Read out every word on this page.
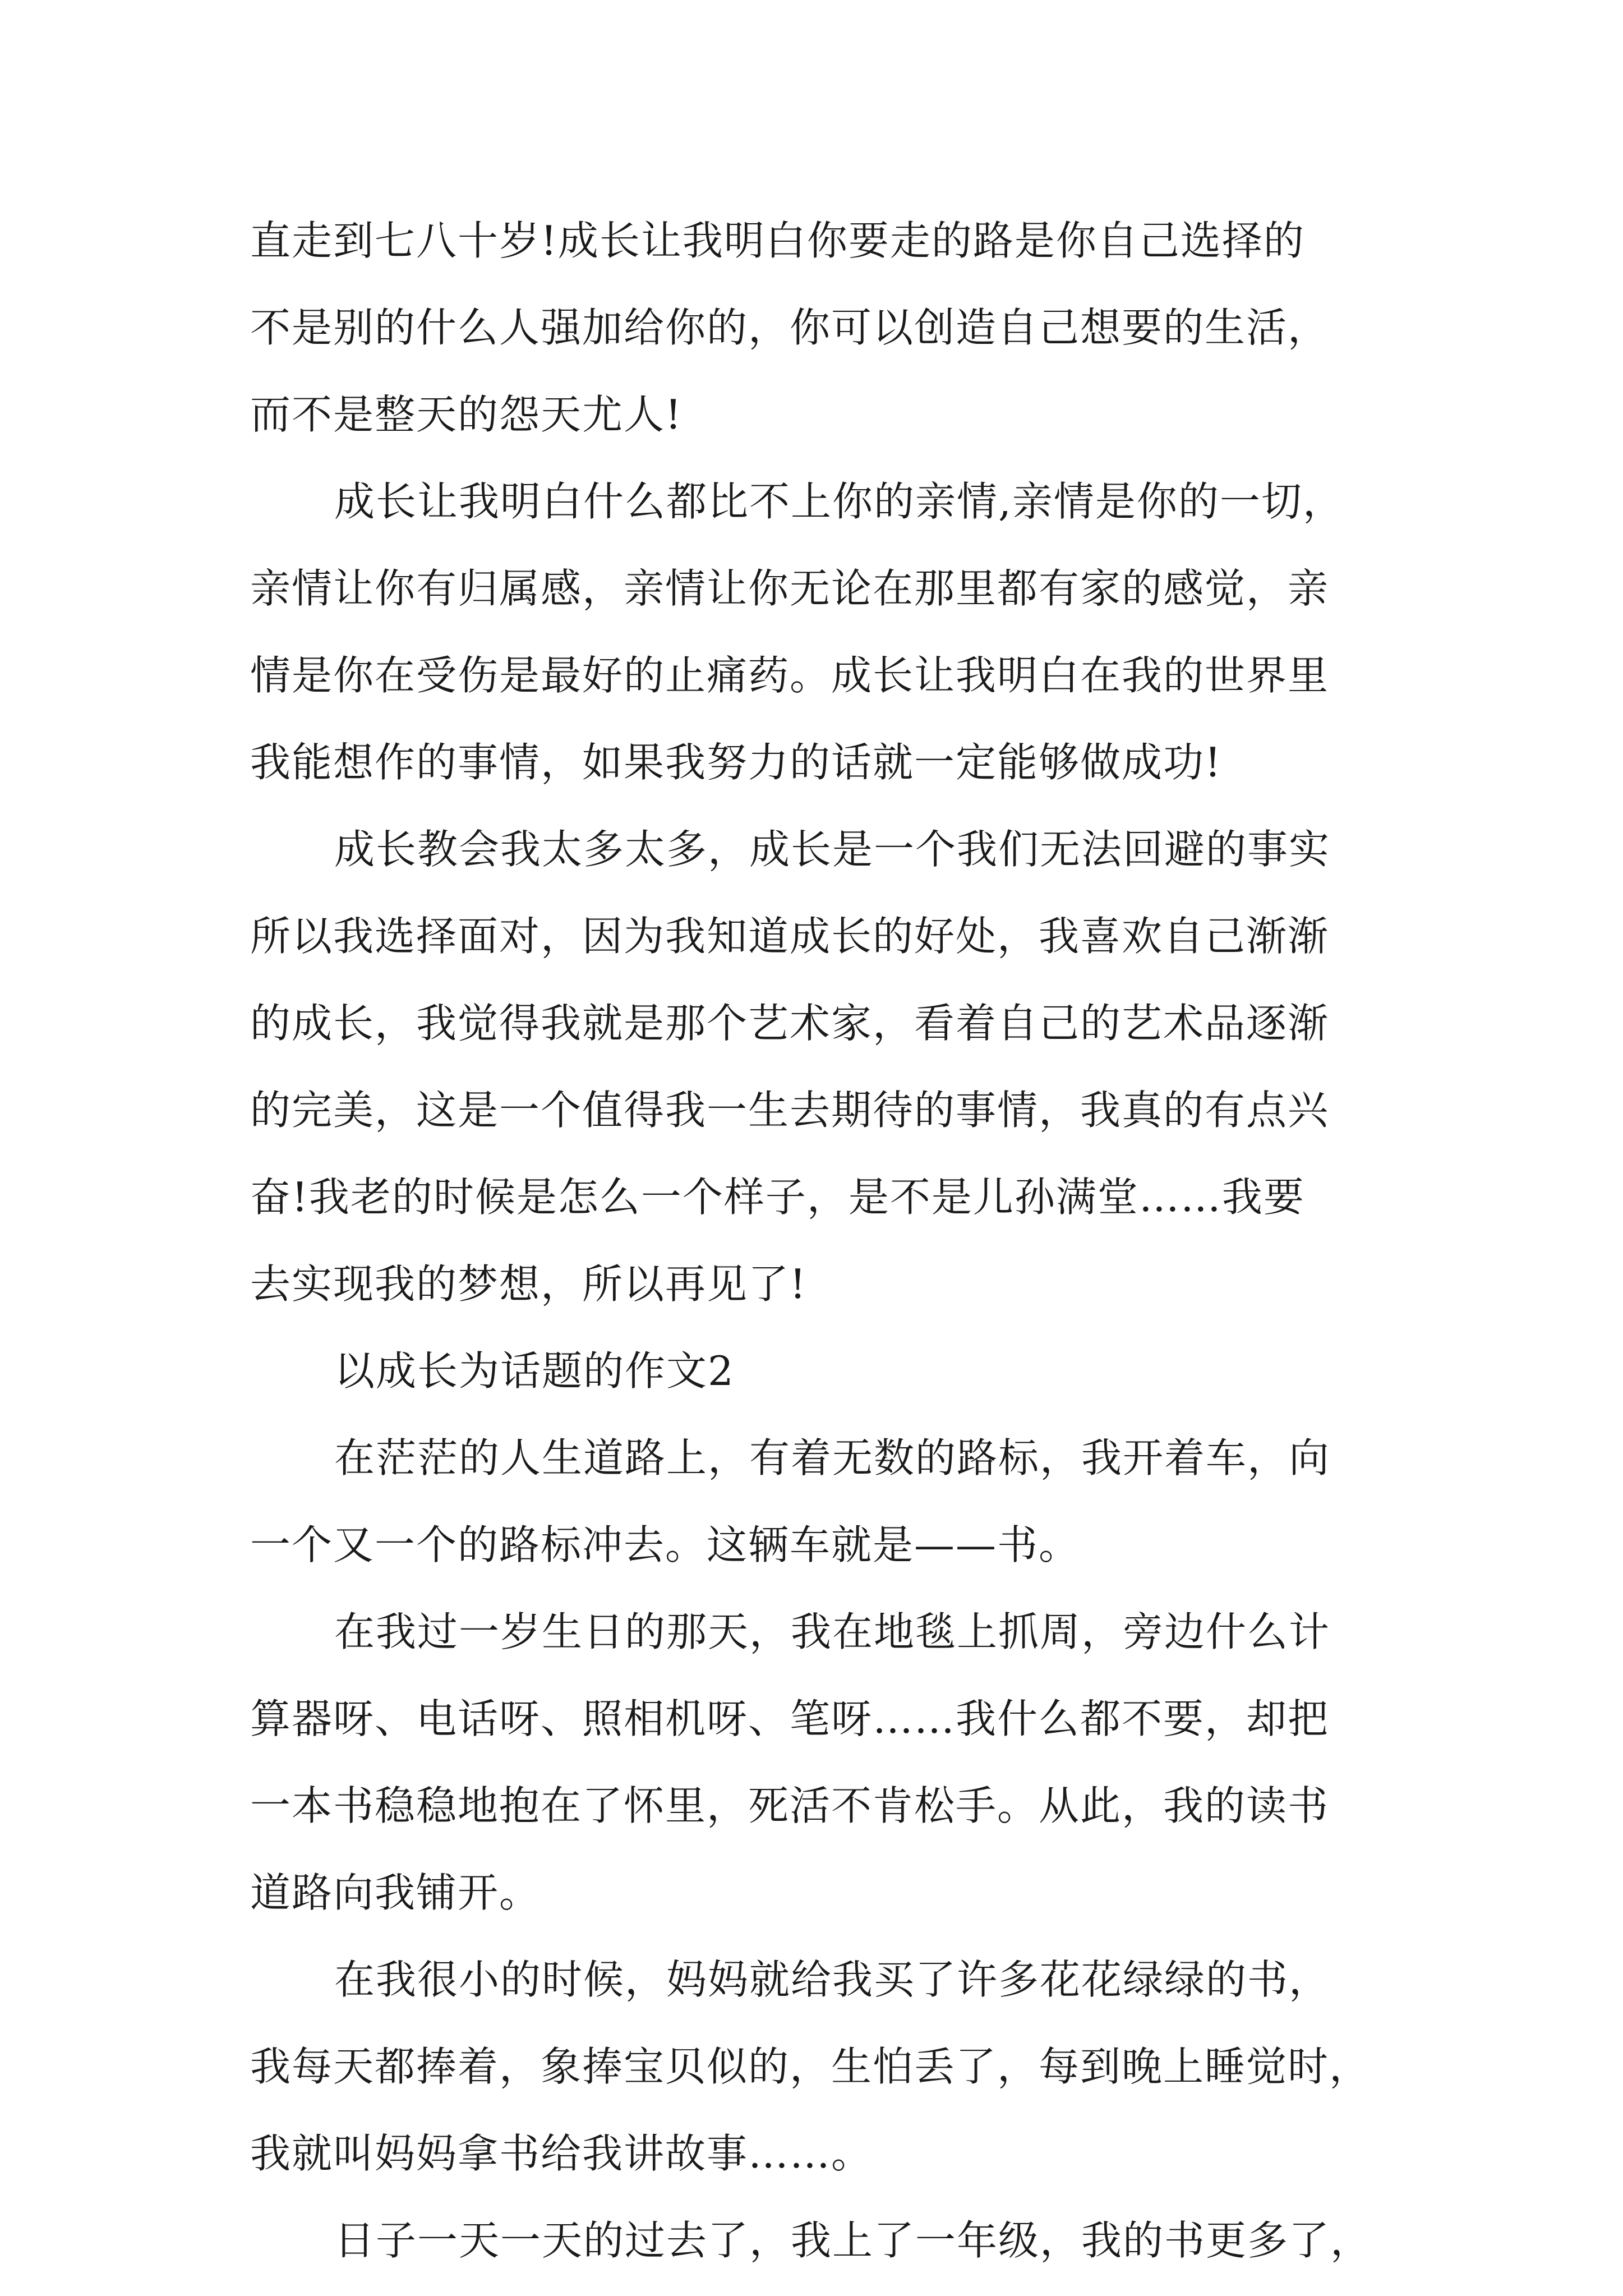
直走到七八十岁!成长让我明白你要走的路是你自己选择的
不是别的什么人强加给你的，你可以创造自己想要的生活，
而不是整天的怨天尤人!
成长让我明白什么都比不上你的亲情,亲情是你的一切，
亲情让你有归属感，亲情让你无论在那里都有家的感觉，亲
情是你在受伤是最好的止痛药。成长让我明白在我的世界里
我能想作的事情，如果我努力的话就一定能够做成功!
成长教会我太多太多，成长是一个我们无法回避的事实
所以我选择面对，因为我知道成长的好处，我喜欢自己渐渐
的成长，我觉得我就是那个艺术家，看着自己的艺术品逐渐
的完美，这是一个值得我一生去期待的事情，我真的有点兴
奋!我老的时候是怎么一个样子，是不是儿孙满堂……我要
去实现我的梦想，所以再见了!
以成长为话题的作文2
在茫茫的人生道路上，有着无数的路标，我开着车，向
一个又一个的路标冲去。这辆车就是——书。
在我过一岁生日的那天，我在地毯上抓周，旁边什么计
算器呀、电话呀、照相机呀、笔呀……我什么都不要，却把
一本书稳稳地抱在了怀里，死活不肯松手。从此，我的读书
道路向我铺开。
在我很小的时候，妈妈就给我买了许多花花绿绿的书，
我每天都捧着，象捧宝贝似的，生怕丢了，每到晚上睡觉时，
我就叫妈妈拿书给我讲故事……。
日子一天一天的过去了，我上了一年级，我的书更多了，
